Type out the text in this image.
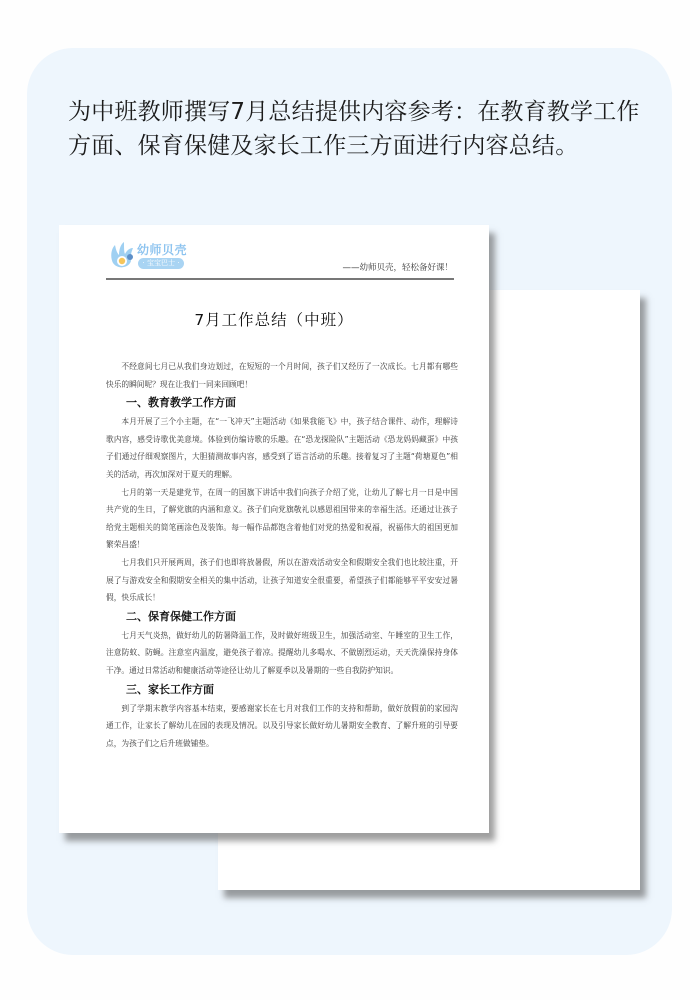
为中班教师撰写7月总结提供内容参考：在教育教学工作方面、保育保健及家长工作三方面进行内容总结。

幼师贝壳
· 宝宝巴士 ·	——幼师贝壳，轻松备好课！
7月工作总结（中班）

不经意间七月已从我们身边划过，在短短的一个月时间，孩子们又经历了一次成长。七月都有哪些快乐的瞬间呢？现在让我们一同来回顾吧！

一、教育教学工作方面

本月开展了三个小主题，在“一飞冲天”主题活动《如果我能飞》中，孩子结合课件、动作，理解诗歌内容，感受诗歌优美意境。体验到仿编诗歌的乐趣。在“恐龙探险队”主题活动《恐龙妈妈藏蛋》中孩子们通过仔细观察图片，大胆猜测故事内容，感受到了语言活动的乐趣。接着复习了主题“荷塘夏色”相关的活动，再次加深对于夏天的理解。

七月的第一天是建党节，在周一的国旗下讲话中我们向孩子介绍了党，让幼儿了解七月一日是中国共产党的生日，了解党旗的内涵和意义。孩子们向党旗敬礼以感恩祖国带来的幸福生活。还通过让孩子给党主题相关的简笔画涂色及装饰。每一幅作品都饱含着他们对党的热爱和祝福，祝福伟大的祖国更加繁荣昌盛！

七月我们只开展两周，孩子们也即将放暑假，所以在游戏活动安全和假期安全我们也比较注重，开展了与游戏安全和假期安全相关的集中活动，让孩子知道安全很重要，希望孩子们都能够平平安安过暑假，快乐成长！

二、保育保健工作方面

七月天气炎热，做好幼儿的防暑降温工作，及时做好班级卫生，加强活动室、午睡室的卫生工作，注意防蚊、防蝇。注意室内温度，避免孩子着凉。提醒幼儿多喝水、不做剧烈运动，天天洗澡保持身体干净。通过日常活动和健康活动等途径让幼儿了解夏季以及暑期的一些自我防护知识。

三、家长工作方面

到了学期末教学内容基本结束，要感谢家长在七月对我们工作的支持和帮助，做好放假前的家园沟通工作，让家长了解幼儿在园的表现及情况。以及引导家长做好幼儿暑期安全教育、了解升班的引导要点，为孩子们之后升班做铺垫。
